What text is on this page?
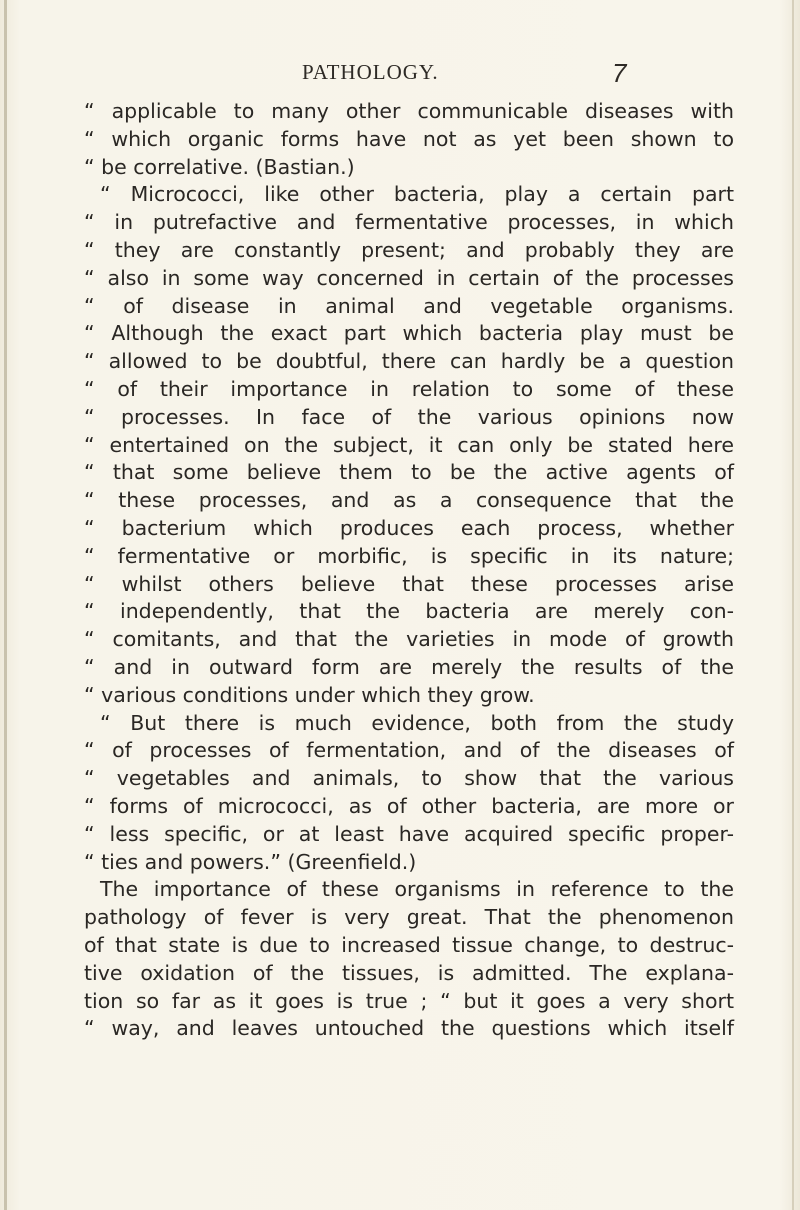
PATHOLOGY.	7
“ applicable to many other communicable diseases with
“ which organic forms have not as yet been shown to
“ be correlative. (Bastian.)
“ Micrococci, like other bacteria, play a certain part
“ in putrefactive and fermentative processes, in which
“ they are constantly present; and probably they are
“ also in some way concerned in certain of the processes
“ of disease in animal and vegetable organisms.
“ Although the exact part which bacteria play must be
“ allowed to be doubtful, there can hardly be a question
“ of their importance in relation to some of these
“ processes. In face of the various opinions now
“ entertained on the subject, it can only be stated here
“ that some believe them to be the active agents of
“ these processes, and as a consequence that the
“ bacterium which produces each process, whether
“ fermentative or morbific, is specific in its nature;
“ whilst others believe that these processes arise
“ independently, that the bacteria are merely con-
“ comitants, and that the varieties in mode of growth
“ and in outward form are merely the results of the
“ various conditions under which they grow.
“ But there is much evidence, both from the study
“ of processes of fermentation, and of the diseases of
“ vegetables and animals, to show that the various
“ forms of micrococci, as of other bacteria, are more or
“ less specific, or at least have acquired specific proper-
“ ties and powers.” (Greenfield.)
The importance of these organisms in reference to the
pathology of fever is very great. That the phenomenon
of that state is due to increased tissue change, to destruc-
tive oxidation of the tissues, is admitted. The explana-
tion so far as it goes is true ; “ but it goes a very short
“ way, and leaves untouched the questions which itself
